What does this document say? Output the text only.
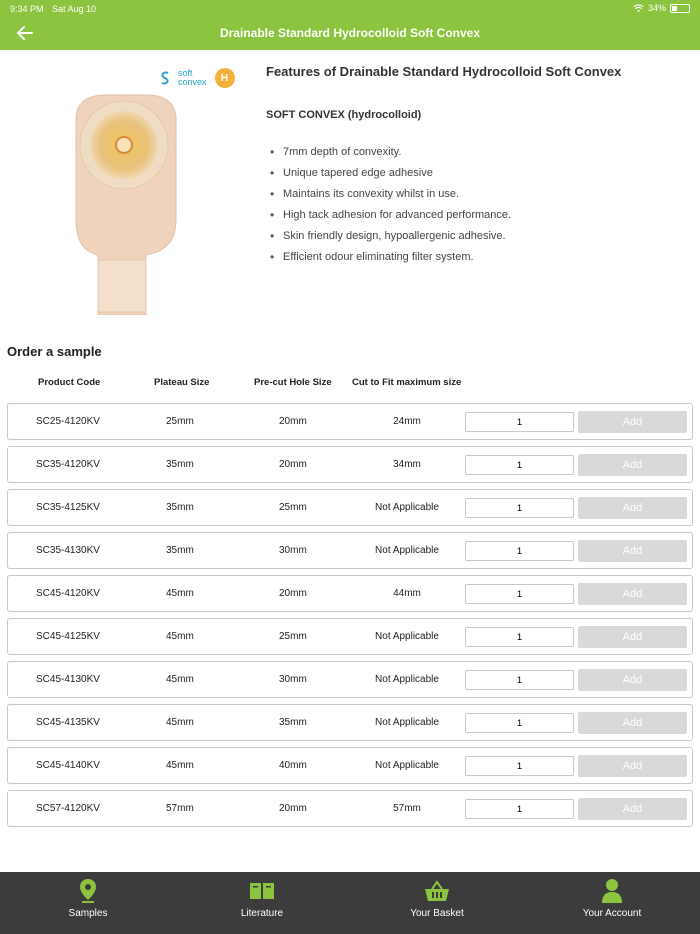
9:34 PM Sat Aug 10	34%
Drainable Standard Hydrocolloid Soft Convex
soft
convex	H	Features of Drainable Standard Hydrocolloid Soft Convex
SOFT CONVEX (hydrocolloid)
• 7mm depth of convexity.
• Unique tapered edge adhesive
• Maintains its convexity whilst in use.
• High tack adhesion for advanced performance.
• Skin friendly design, hypoallergenic adhesive.
• Efficient odour eliminating filter system.
Order a sample
Product Code	Plateau Size	Pre-cut Hole Size Cut to Fit maximum size
SC25-4120KV	25mm	20mm	24mm
1	Add
SC35-4120KV	35mm	20mm	34mm
1	Add
SC35-4125KV	35mm	25mm	Not Applicable
1	Add
SC35-4130KV	35mm	30mm	Not Applicable
1	Add
SC45-4120KV	45mm	20mm	44mm
1	Add
SC45-4125KV	45mm	25mm	Not Applicable
1	Add
SC45-4130KV	45mm	30mm	Not Applicable
1	Add
SC45-4135KV	45mm	35mm	Not Applicable
1	Add
SC45-4140KV	45mm	40mm	Not Applicable
1	Add
SC57-4120KV	57mm	20mm	57mm
1	Add
Samples	Literature	Your Basket	Your Account
